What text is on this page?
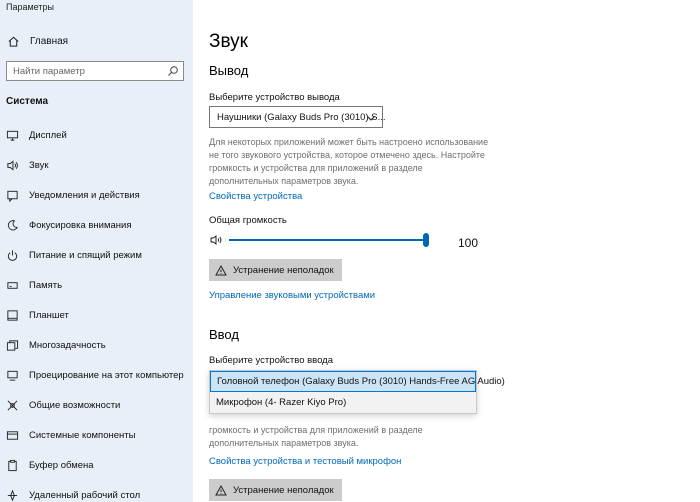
Параметры
Главная
Найти параметр
Система
Дисплей
Звук
Уведомления и действия
Фокусировка внимания
Питание и спящий режим
Память
Планшет
Многозадачность
Проецирование на этот компьютер
Общие возможности
Системные компоненты
Буфер обмена
Удаленный рабочий стол
Звук
Вывод
Выберите устройство вывода
Наушники (Galaxy Buds Pro (3010) S...
Для некоторых приложений может быть настроено использование не того звукового устройства, которое отмечено здесь. Настройте громкость и устройства для приложений в разделе дополнительных параметров звука.
Свойства устройства
Общая громкость
100
Устранение неполадок
Управление звуковыми устройствами
Ввод
Выберите устройство ввода
громкость и устройства для приложений в разделе дополнительных параметров звука.
Свойства устройства и тестовый микрофон
Устранение неполадок
Головной телефон (Galaxy Buds Pro (3010) Hands-Free AG Audio)
Микрофон (4- Razer Kiyo Pro)
